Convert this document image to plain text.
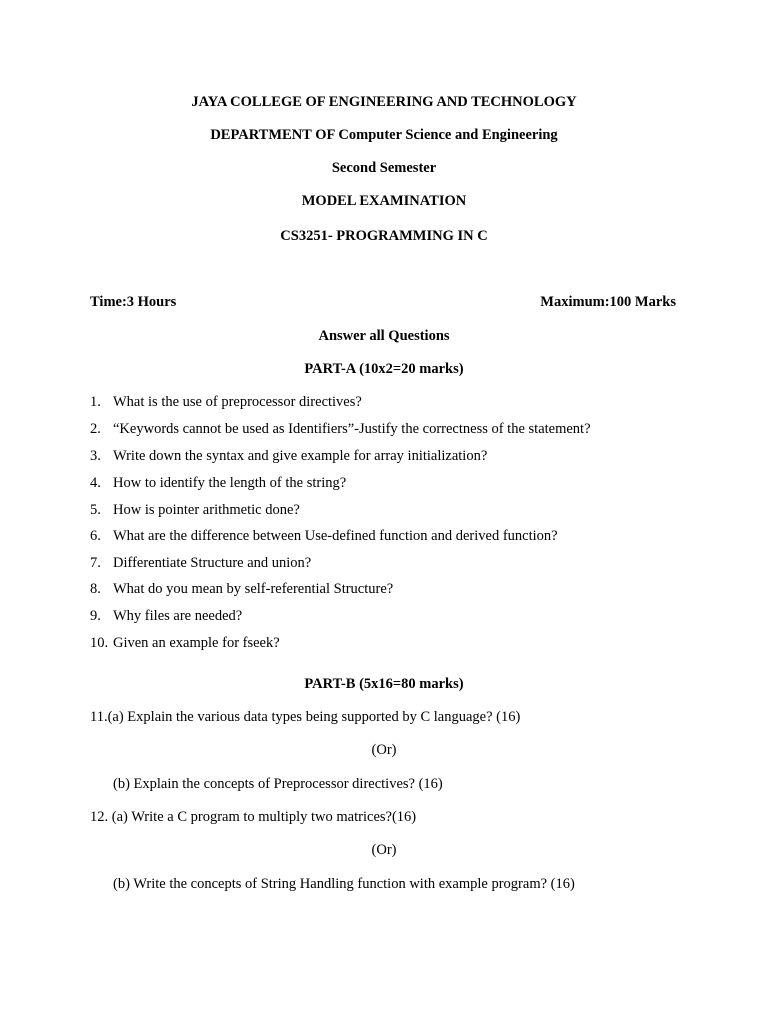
JAYA COLLEGE OF ENGINEERING AND TECHNOLOGY
DEPARTMENT OF Computer Science and Engineering
Second Semester
MODEL EXAMINATION
CS3251- PROGRAMMING IN C
Time:3 Hours	Maximum:100 Marks
Answer all Questions
PART-A (10x2=20 marks)
1. What is the use of preprocessor directives?
2. “Keywords cannot be used as Identifiers”-Justify the correctness of the statement?
3. Write down the syntax and give example for array initialization?
4. How to identify the length of the string?
5. How is pointer arithmetic done?
6. What are the difference between Use-defined function and derived function?
7. Differentiate Structure and union?
8. What do you mean by self-referential Structure?
9. Why files are needed?
10. Given an example for fseek?
PART-B (5x16=80 marks)
11.(a) Explain the various data types being supported by C language? (16)
(Or)
(b) Explain the concepts of Preprocessor directives? (16)
12. (a) Write a C program to multiply two matrices?(16)
(Or)
(b) Write the concepts of String Handling function with example program? (16)
